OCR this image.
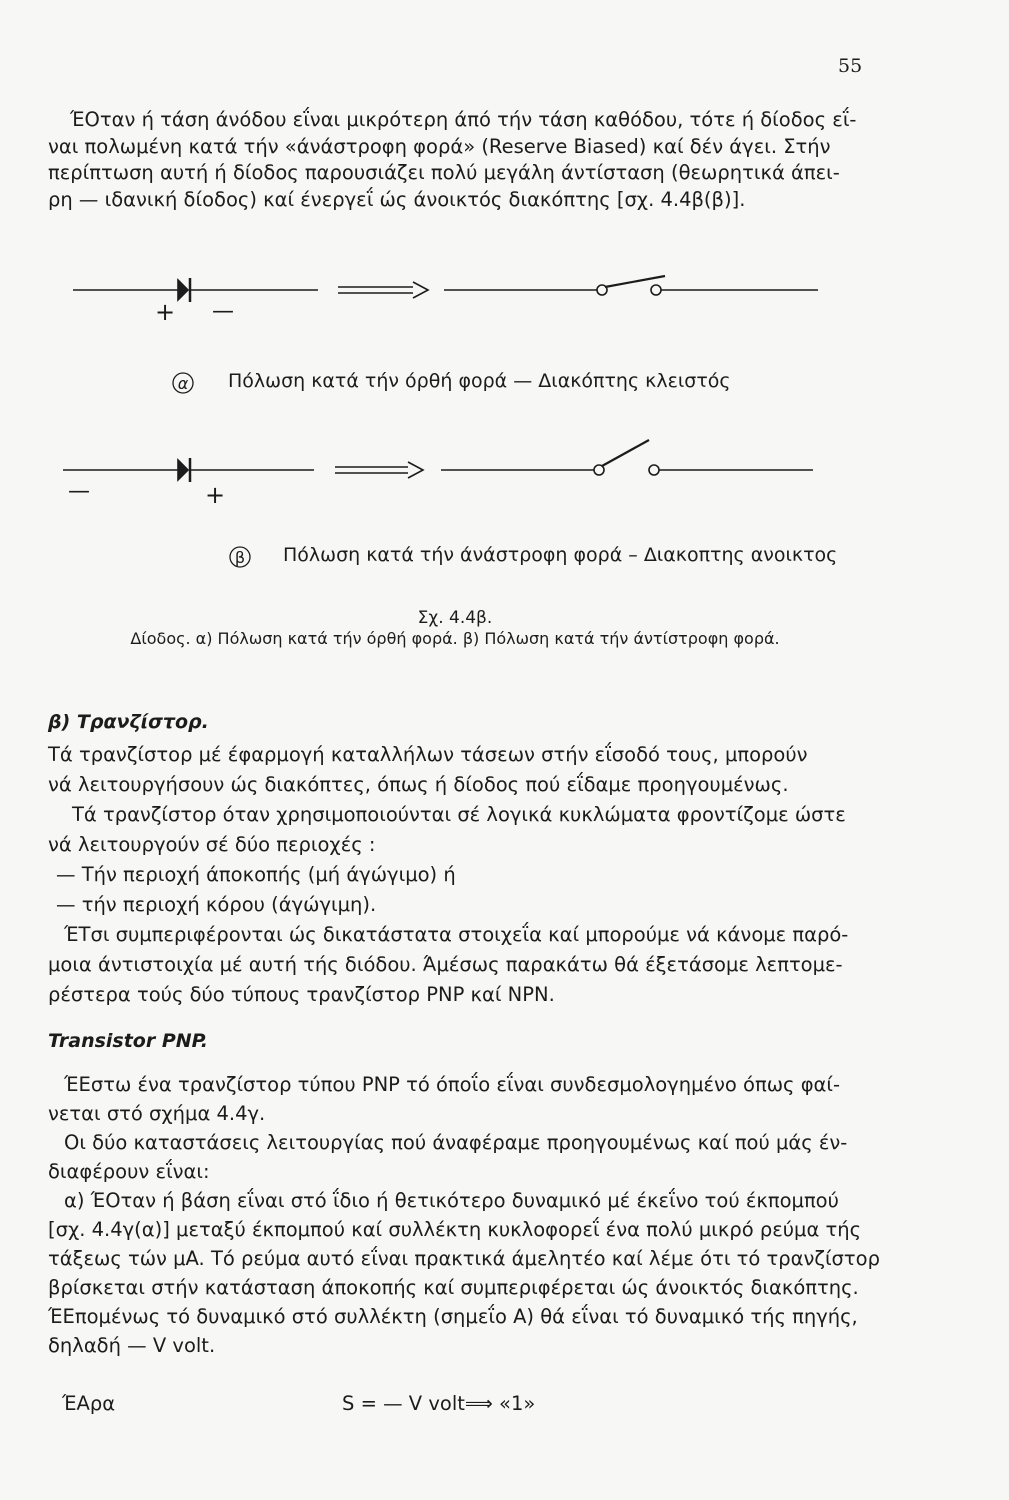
55
ΈΟταν ή τάση άνόδου εΐναι μικρότερη άπό τήν τάση καθόδου, τότε ή δίοδος εΐ-
ναι πολωμένη κατά τήν «άνάστροφη φορά» (Reserve Biased) καί δέν άγει. Στήν
περίπτωση αυτή ή δίοδος παρουσιάζει πολύ μεγάλη άντίσταση (θεωρητικά άπει-
ρη — ιδανική δίοδος) καί ένεργεΐ ώς άνοικτός διακόπτης [σχ. 4.4β(β)].
+ —
—	+
α
β
Πόλωση κατά τήν όρθή φορά — Διακόπτης κλειστός
Πόλωση κατά τήν άνάστροφη φορά – Διακοπτης ανοικτος
Σχ. 4.4β.
Δίοδος. α) Πόλωση κατά τήν όρθή φορά. β) Πόλωση κατά τήν άντίστροφη φορά.
β) Τρανζίστορ.
Τά τρανζίστορ μέ έφαρμογή καταλλήλων τάσεων στήν εΐσοδό τους, μπορούν
νά λειτουργήσουν ώς διακόπτες, όπως ή δίοδος πού εΐδαμε προηγουμένως.
Τά τρανζίστορ όταν χρησιμοποιούνται σέ λογικά κυκλώματα φροντίζομε ώστε
νά λειτουργούν σέ δύο περιοχές :
— Τήν περιοχή άποκοπής (μή άγώγιμο) ή
— τήν περιοχή κόρου (άγώγιμη).
ΈΤσι συμπεριφέρονται ώς δικατάστατα στοιχεΐα καί μπορούμε νά κάνομε παρό-
μοια άντιστοιχία μέ αυτή τής διόδου. Άμέσως παρακάτω θά έξετάσομε λεπτομε-
ρέστερα τούς δύο τύπους τρανζίστορ PNP καί NPN.
Transistor PNP.
ΈΕστω ένα τρανζίστορ τύπου PNP τό όποΐο εΐναι συνδεσμολογημένο όπως φαί-
νεται στό σχήμα 4.4γ.
Οι δύο καταστάσεις λειτουργίας πού άναφέραμε προηγουμένως καί πού μάς έν-
διαφέρουν εΐναι:
α) ΈΟταν ή βάση εΐναι στό ΐδιο ή θετικότερο δυναμικό μέ έκεΐνο τού έκπομπού
[σχ. 4.4γ(α)] μεταξύ έκπομπού καί συλλέκτη κυκλοφορεΐ ένα πολύ μικρό ρεύμα τής
τάξεως τών μA. Τό ρεύμα αυτό εΐναι πρακτικά άμελητέο καί λέμε ότι τό τρανζίστορ
βρίσκεται στήν κατάσταση άποκοπής καί συμπεριφέρεται ώς άνοικτός διακόπτης.
ΈΕπομένως τό δυναμικό στό συλλέκτη (σημεΐο A) θά εΐναι τό δυναμικό τής πηγής,
δηλαδή — V volt.
ΈΑρα	S = — V volt⟹ «1»
